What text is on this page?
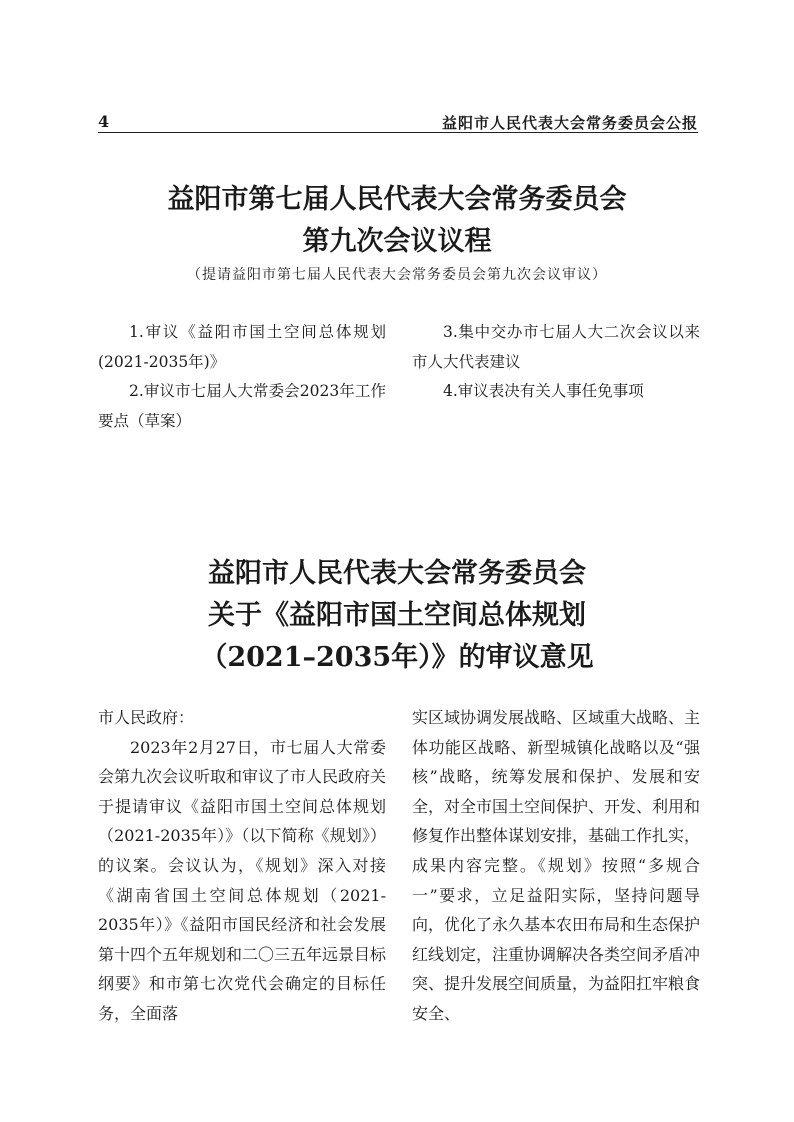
4	益阳市人民代表大会常务委员会公报
益阳市第七届人民代表大会常务委员会
第九次会议议程
（提请益阳市第七届人民代表大会常务委员会第九次会议审议）

1.审议《益阳市国土空间总体规划(2021-2035年)》

2.审议市七届人大常委会2023年工作要点（草案）

3.集中交办市七届人大二次会议以来市人大代表建议

4.审议表决有关人事任免事项

益阳市人民代表大会常务委员会
关于《益阳市国土空间总体规划
（2021–2035年）》的审议意见

市人民政府：

2023年2月27日，市七届人大常委会第九次会议听取和审议了市人民政府关于提请审议《益阳市国土空间总体规划（2021-2035年）》（以下简称《规划》）的议案。会议认为，《规划》深入对接《湖南省国土空间总体规划（2021-2035年）》《益阳市国民经济和社会发展第十四个五年规划和二〇三五年远景目标纲要》和市第七次党代会确定的目标任务，全面落

实区域协调发展战略、区域重大战略、主体功能区战略、新型城镇化战略以及“强核”战略，统筹发展和保护、发展和安全，对全市国土空间保护、开发、利用和修复作出整体谋划安排，基础工作扎实，成果内容完整。《规划》按照“多规合一”要求，立足益阳实际，坚持问题导向，优化了永久基本农田布局和生态保护红线划定，注重协调解决各类空间矛盾冲突、提升发展空间质量，为益阳扛牢粮食安全、
